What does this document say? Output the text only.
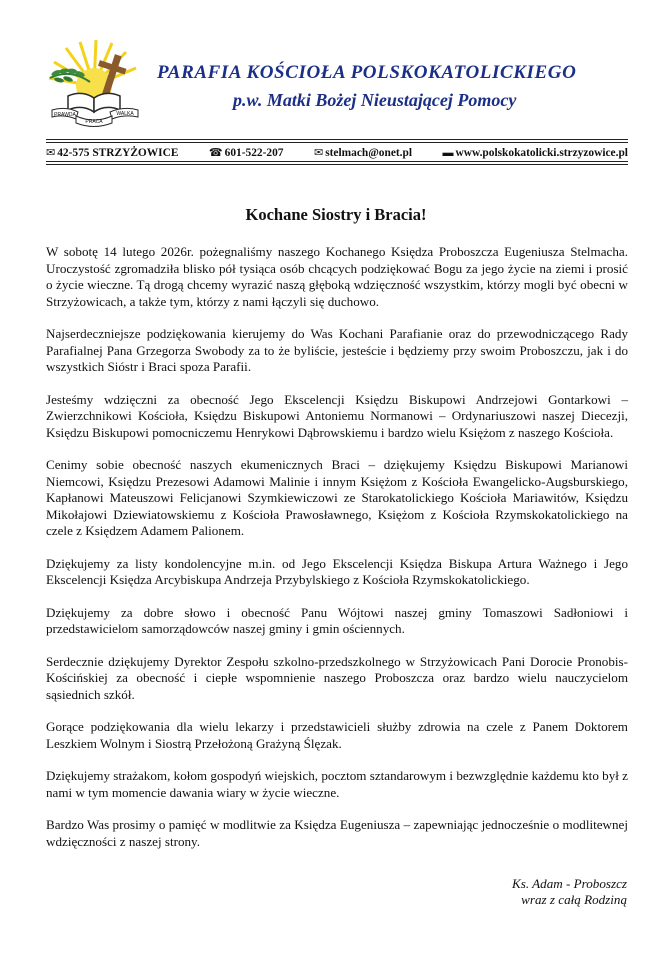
PRAWDA	WALKA
PRACA
PARAFIA KOŚCIOŁA POLSKOKATOLICKIEGO
p.w. Matki Bożej Nieustającej Pomocy
✉ 42-575 STRZYŻOWICE	☎ 601-522-207	✉ stelmach@onet.pl	▬ www.polskokatolicki.strzyzowice.pl
Kochane Siostry i Bracia!

W sobotę 14 lutego 2026r. pożegnaliśmy naszego Kochanego Księdza Proboszcza Eugeniusza Stelmacha. Uroczystość zgromadziła blisko pół tysiąca osób chcących podziękować Bogu za jego życie na ziemi i prosić o życie wieczne. Tą drogą chcemy wyrazić naszą głęboką wdzięczność wszystkim, którzy mogli być obecni w Strzyżowicach, a także tym, którzy z nami łączyli się duchowo.

Najserdeczniejsze podziękowania kierujemy do Was Kochani Parafianie oraz do przewodniczącego Rady Parafialnej Pana Grzegorza Swobody za to że byliście, jesteście i będziemy przy swoim Proboszczu, jak i do wszystkich Sióstr i Braci spoza Parafii.

Jesteśmy wdzięczni za obecność Jego Ekscelencji Księdzu Biskupowi Andrzejowi Gontarkowi – Zwierzchnikowi Kościoła, Księdzu Biskupowi Antoniemu Normanowi – Ordynariuszowi naszej Diecezji, Księdzu Biskupowi pomocniczemu Henrykowi Dąbrowskiemu i bardzo wielu Księżom z naszego Kościoła.

Cenimy sobie obecność naszych ekumenicznych Braci – dziękujemy Księdzu Biskupowi Marianowi Niemcowi, Księdzu Prezesowi Adamowi Malinie i innym Księżom z Kościoła Ewangelicko-Augsburskiego, Kapłanowi Mateuszowi Felicjanowi Szymkiewiczowi ze Starokatolickiego Kościoła Mariawitów, Księdzu Mikołajowi Dziewiatowskiemu z Kościoła Prawosławnego, Księżom z Kościoła Rzymskokatolickiego na czele z Księdzem Adamem Palionem.

Dziękujemy za listy kondolencyjne m.in. od Jego Ekscelencji Księdza Biskupa Artura Ważnego i Jego Ekscelencji Księdza Arcybiskupa Andrzeja Przybylskiego z Kościoła Rzymskokatolickiego.

Dziękujemy za dobre słowo i obecność Panu Wójtowi naszej gminy Tomaszowi Sadłoniowi i przedstawicielom samorządowców naszej gminy i gmin ościennych.

Serdecznie dziękujemy Dyrektor Zespołu szkolno-przedszkolnego w Strzyżowicach Pani Dorocie Pronobis-Kościńskiej za obecność i ciepłe wspomnienie naszego Proboszcza oraz bardzo wielu nauczycielom sąsiednich szkół.

Gorące podziękowania dla wielu lekarzy i przedstawicieli służby zdrowia na czele z Panem Doktorem Leszkiem Wolnym i Siostrą Przełożoną Grażyną Ślęzak.

Dziękujemy strażakom, kołom gospodyń wiejskich, pocztom sztandarowym i bezwzględnie każdemu kto był z nami w tym momencie dawania wiary w życie wieczne.

Bardzo Was prosimy o pamięć w modlitwie za Księdza Eugeniusza – zapewniając jednocześnie o modlitewnej wdzięczności z naszej strony.

Ks. Adam - Proboszcz
wraz z całą Rodziną
